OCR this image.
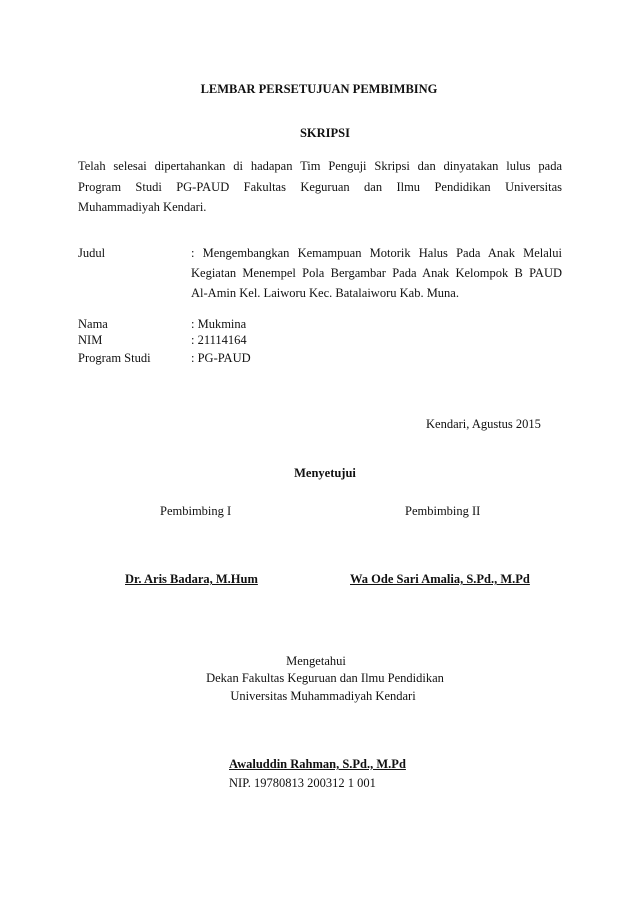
LEMBAR PERSETUJUAN PEMBIMBING
SKRIPSI
Telah selesai dipertahankan di hadapan Tim Penguji Skripsi dan dinyatakan lulus pada
Program Studi PG-PAUD Fakultas Keguruan dan Ilmu Pendidikan Universitas
Muhammadiyah Kendari.
Judul	: Mengembangkan Kemampuan Motorik Halus Pada Anak Melalui
Kegiatan Menempel Pola Bergambar Pada Anak Kelompok B PAUD
Al-Amin Kel. Laiworu Kec. Batalaiworu Kab. Muna.
Nama	: Mukmina
NIM	: 21114164
Program Studi	: PG-PAUD
Kendari, Agustus 2015
Menyetujui
Pembimbing I	Pembimbing II
Dr. Aris Badara, M.Hum	Wa Ode Sari Amalia, S.Pd., M.Pd
Mengetahui
Dekan Fakultas Keguruan dan Ilmu Pendidikan
Universitas Muhammadiyah Kendari
Awaluddin Rahman, S.Pd., M.Pd
NIP. 19780813 200312 1 001
